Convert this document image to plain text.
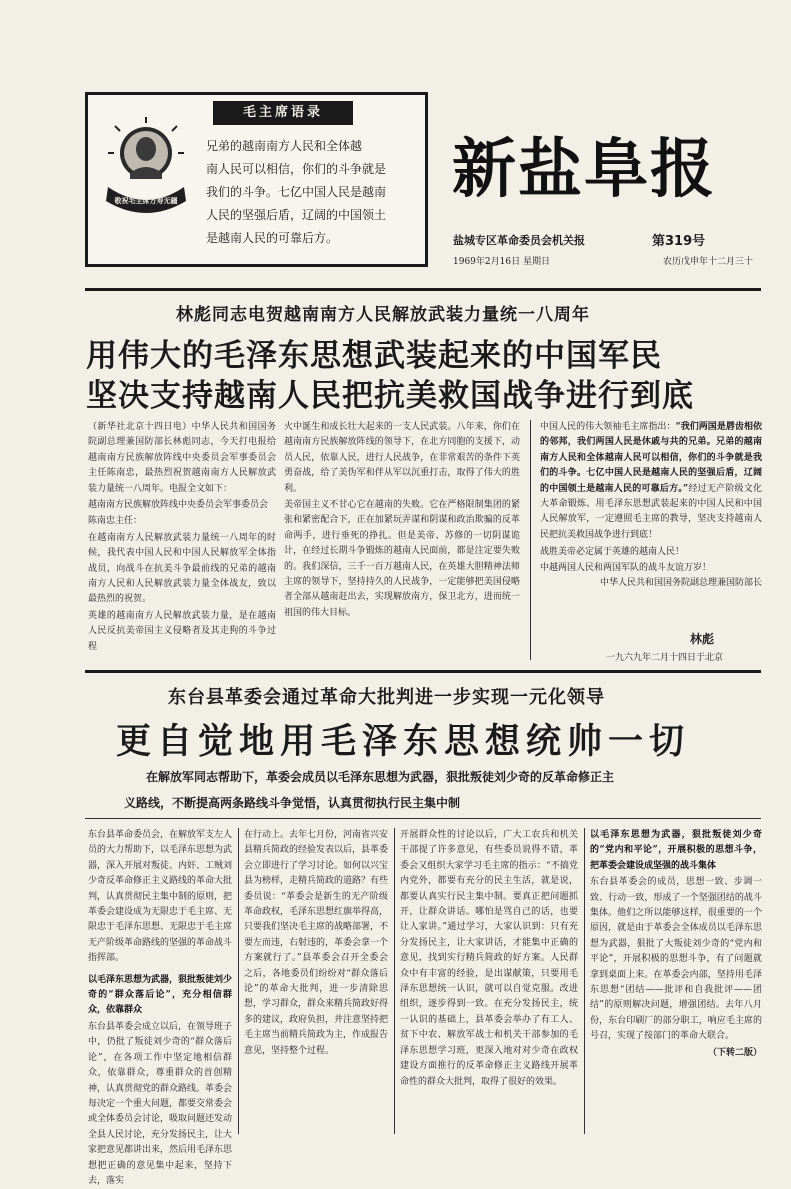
毛主席语录
敬祝毛主席万寿无疆
兄弟的越南南方人民和全体越
南人民可以相信，你们的斗争就是
我们的斗争。七亿中国人民是越南
人民的坚强后盾，辽阔的中国领土
是越南人民的可靠后方。
新盐阜报
盐城专区革命委员会机关报	第319号
1969年2月16日 星期日	农历戊申年十二月三十
林彪同志电贺越南南方人民解放武装力量统一八周年
用伟大的毛泽东思想武装起来的中国军民
坚决支持越南人民把抗美救国战争进行到底

（新华社北京十四日电）中华人民共和国国务院副总理兼国防部长林彪同志，今天打电报给越南南方民族解放阵线中央委员会军事委员会主任陈南忠，最热烈祝贺越南南方人民解放武装力量统一八周年。电报全文如下：

越南南方民族解放阵线中央委员会军事委员会

陈南忠主任：

在越南南方人民解放武装力量统一八周年的时候，我代表中国人民和中国人民解放军全体指战员，向战斗在抗美斗争最前线的兄弟的越南南方人民和人民解放武装力量全体战友，致以最热烈的祝贺。

英雄的越南南方人民解放武装力量，是在越南人民反抗美帝国主义侵略者及其走狗的斗争过程

火中诞生和成长壮大起来的一支人民武装。八年来，你们在越南南方民族解放阵线的领导下，在北方同胞的支援下，动员人民，依靠人民，进行人民战争，在非常艰苦的条件下英勇奋战，给了美伪军和伴从军以沉重打击，取得了伟大的胜利。

美帝国主义不甘心它在越南的失败。它在严格限制集团的紧张和紧密配合下，正在加紧玩弄谋和阴谋和政治欺骗的反革命两手，进行垂死的挣扎。但是美帝、苏修的一切阴谋诡计，在经过长期斗争锻炼的越南人民面前，都是注定要失败的。我们深信，三千一百万越南人民，在英雄大胆精神法师主席的领导下，坚持持久的人民战争，一定能够把美国侵略者全部从越南赶出去，实现解放南方，保卫北方，进而统一祖国的伟大目标。

中国人民的伟大领袖毛主席指出：“我们两国是唇齿相依的邻邦，我们两国人民是休戚与共的兄弟。兄弟的越南南方人民和全体越南人民可以相信，你们的斗争就是我们的斗争。七亿中国人民是越南人民的坚强后盾，辽阔的中国领土是越南人民的可靠后方。”经过无产阶级文化大革命锻炼、用毛泽东思想武装起来的中国人民和中国人民解放军，一定遵照毛主席的教导，坚决支持越南人民把抗美救国战争进行到底！
战胜美帝必定属于英雄的越南人民！
中越两国人民和两国军队的战斗友谊万岁！
中华人民共和国国务院副总理兼国防部长
林彪
一九六九年二月十四日于北京
东台县革委会通过革命大批判进一步实现一元化领导
更自觉地用毛泽东思想统帅一切
在解放军同志帮助下，革委会成员以毛泽东思想为武器，狠批叛徒刘少奇的反革命修正主
义路线，不断提高两条路线斗争觉悟，认真贯彻执行民主集中制

东台县革命委员会，在解放军支左人员的大力帮助下，以毛泽东思想为武器，深入开展对叛徒、内奸、工贼刘少奇反革命修正主义路线的革命大批判，认真贯彻民主集中制的原则，把革委会建设成为无限忠于毛主席、无限忠于毛泽东思想、无限忠于毛主席无产阶级革命路线的坚强的革命战斗指挥部。

以毛泽东思想为武器，狠批叛徒刘少奇的“群众落后论”，充分相信群众，依靠群众

东台县革委会成立以后，在领导班子中，仍批了叛徒刘少奇的“群众落后论”，在各项工作中坚定地相信群众，依靠群众，尊重群众的首创精神，认真贯彻党的群众路线。革委会每决定一个重大问题，都要交常委会或全体委员会讨论，吸取问题还发动全县人民讨论，充分发扬民主，让大家把意见都讲出来，然后用毛泽东思想把正确的意见集中起来，坚持下去，落实

在行动上。去年七月份，河南省兴安县精兵简政的经验发表以后，县革委会立即进行了学习讨论。如何以兴宝县为榜样，走精兵简政的道路？有些委员说：“革委会是新生的无产阶级革命政权，毛泽东思想红旗举得高，只要我们坚决毛主席的战略部署，不要左而违，右射违的，革委会拿一个方案就行了。”县革委会召开全委会之后，各地委员们纷纷对“群众落后论”的革命大批判，进一步清除思想，学习群众，群众来精兵简政好得多的建议，政府负担，并注意坚持把毛主席当前精兵简政为主，作成报告意见，坚持整个过程。

开展群众性的讨论以后，广大工农兵和机关干部提了许多意见，有些委员说得不错，革委会又组织大家学习毛主席的指示：“不搞党内党外，都要有充分的民主生活，就是说，都要认真实行民主集中制。要真正把问题抓开，让群众讲话。哪怕是骂自己的话，也要让人家讲。”通过学习，大家认识到：只有充分发扬民主，让大家讲话，才能集中正确的意见，找到实行精兵简政的好方案。人民群众中有丰富的经验，是出谋献策，只要用毛泽东思想统一认识，就可以自觉克服。改进组织，逐步得到一致。在充分发扬民主，统一认识的基础上，县革委会举办了有工人、贫下中农、解放军战士和机关干部参加的毛泽东思想学习班，更深入地对对少奇在政权建设方面推行的反革命修正主义路线开展革命性的群众大批判，取得了很好的效果。

以毛泽东思想为武器，狠批叛徒刘少奇的“党内和平论”，开展积极的思想斗争，把革委会建设成坚强的战斗集体

东台县革委会的成员，思想一致、步调一致、行动一致，形成了一个坚强团结的战斗集体。他们之所以能够这样，很重要的一个原因，就是由于革委会全体成员以毛泽东思想为武器，狠批了大叛徒刘少奇的“党内和平论”，开展积极的思想斗争，有了问题就拿到桌面上来。在革委会内部，坚持用毛泽东思想“团结——批评和自我批评——团结”的原则解决问题，增强团结。去年八月份，东台印刷厂的部分职工，响应毛主席的号召，实现了按部门的革命大联合。

（下转二版）
